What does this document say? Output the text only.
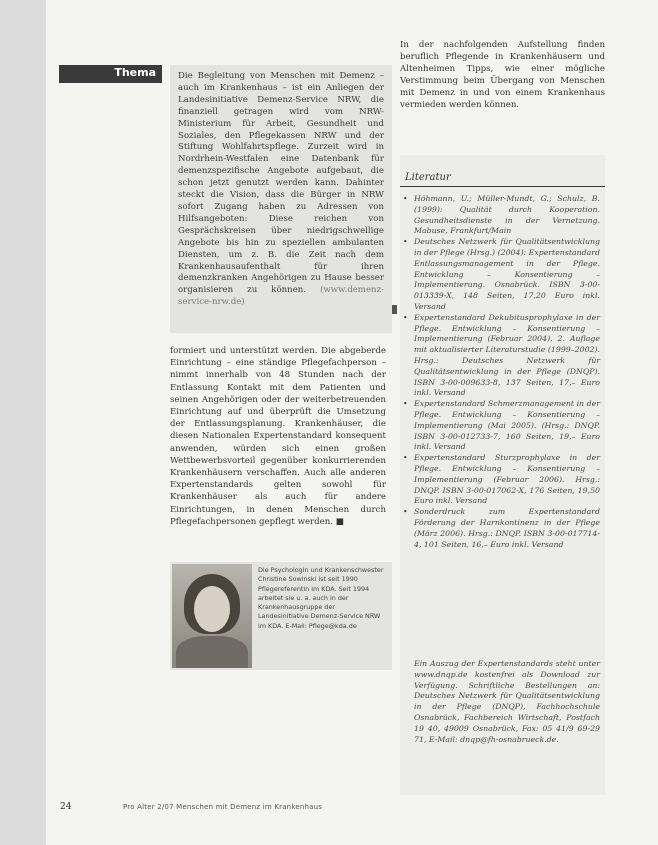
Thema	Die Begleitung von Menschen mit Demenz – auch im Krankenhaus – ist ein Anliegen der Landesinitiative Demenz-Service NRW, die finanziell getragen wird vom NRW-Ministerium für Arbeit, Gesundheit und Soziales, den Pflegekassen NRW und der Stiftung Wohlfahrtspflege. Zurzeit wird in Nordrhein-Westfalen eine Datenbank für demenzspezifische Angebote aufgebaut, die schon jetzt genutzt werden kann. Dahinter steckt die Vision, dass die Bürger in NRW sofort Zugang haben zu Adressen von Hilfsangeboten: Diese reichen von Gesprächskreisen über niedrigschwellige Angebote bis hin zu speziellen ambulanten Diensten, um z. B. die Zeit nach dem Krankenhausaufenthalt für ihren demenzkranken Angehörigen zu Hause besser organisieren zu können. (www.demenz-service-nrw.de)

formiert und unterstützt werden. Die abgeberde Einrichtung – eine ständige Pflegefachperson – nimmt innerhalb von 48 Stunden nach der Entlassung Kontakt mit dem Patienten und seinen Angehörigen oder der weiterbetreuenden Einrichtung auf und überprüft die Umsetzung der Entlassungsplanung. Krankenhäuser, die diesen Nationalen Expertenstandard konsequent anwenden, würden sich einen großen Wettbewerbsvorteil gegenüber konkurrierenden Krankenhäusern verschaffen. Auch alle anderen Expertenstandards gelten sowohl für Krankenhäuser als auch für andere Einrichtungen, in denen Menschen durch Pflegefachpersonen gepflegt werden. ■

Die Psychologin und Krankenschwester Christine Sowinski ist seit 1990 Pflegereferentin im KDA. Seit 1994 arbeitet sie u. a. auch in der Krankenhausgruppe der Landesinitiative Demenz-Service NRW im KDA. E-Mail: Pflege@kda.de

In der nachfolgenden Aufstellung finden beruflich Pflegende in Krankenhäusern und Altenheimen Tipps, wie einer mögliche Verstimmung beim Übergang von Menschen mit Demenz in und von einem Krankenhaus vermieden werden können.

Literatur
• Höhmann, U.; Müller-Mundt, G.; Schulz, B. (1999): Qualität durch Kooperation. Gesundheitsdienste in der Vernetzung. Mabuse, Frankfurt/Main
• Deutsches Netzwerk für Qualitätsentwicklung in der Pflege (Hrsg.) (2004): Expertenstandard Entlassungsmanagement in der Pflege. Entwicklung – Konsentierung – Implementierung. Osnabrück. ISBN 3-00-013339-X, 148 Seiten, 17,20 Euro inkl. Versand
• Expertenstandard Dekubitusprophylaxe in der Pflege. Entwicklung – Konsentierung – Implementierung (Februar 2004). 2. Auflage mit aktualisierter Literaturstudie (1999–2002). Hrsg.: Deutsches Netzwerk für Qualitätsentwicklung in der Pflege (DNQP). ISBN 3-00-009633-8, 137 Seiten, 17,– Euro inkl. Versand
• Expertenstandard Schmerzmanagement in der Pflege. Entwicklung – Konsentierung – Implementierung (Mai 2005). (Hrsg.: DNQP. ISBN 3-00-012733-7, 160 Seiten, 19,– Euro inkl. Versand
• Expertenstandard Sturzprophylaxe in der Pflege. Entwicklung – Konsentierung – Implementierung (Februar 2006). Hrsg.: DNQP. ISBN 3-00-017062-X, 176 Seiten, 19,50 Euro inkl. Versand
• Sonderdruck zum Expertenstandard Förderung der Harnkontinenz in der Pflege (März 2006). Hrsg.: DNQP. ISBN 3-00-017714-4, 101 Seiten, 16,– Euro inkl. Versand

Ein Auszug der Expertenstandards steht unter www.dnqp.de kostenfrei als Download zur Verfügung. Schriftliche Bestellungen an: Deutsches Netzwerk für Qualitätsentwicklung in der Pflege (DNQP), Fachhochschule Osnabrück, Fachbereich Wirtschaft, Postfach 19 40, 49009 Osnabrück, Fax: 05 41/9 69-29 71, E-Mail: dnqp@fh-osnabrueck.de.

24	Pro Alter 2/07 Menschen mit Demenz im Krankenhaus
